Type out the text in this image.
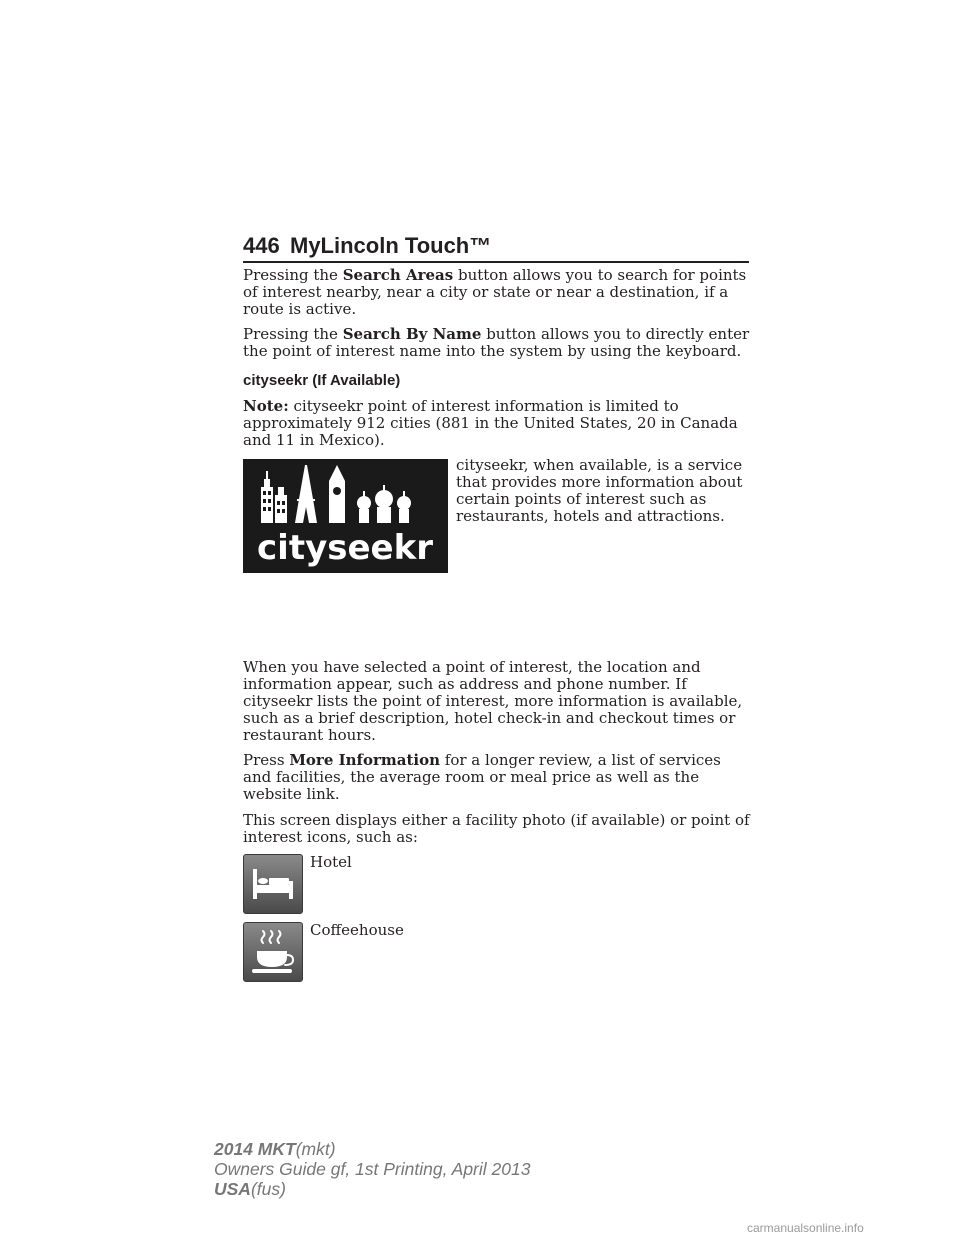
446 MyLincoln Touch™

Pressing the Search Areas button allows you to search for points of interest nearby, near a city or state or near a destination, if a route is active.

Pressing the Search By Name button allows you to directly enter the point of interest name into the system by using the keyboard.

cityseekr (If Available)

Note: cityseekr point of interest information is limited to approximately 912 cities (881 in the United States, 20 in Canada and 11 in Mexico).

cityseekr
cityseekr, when available, is a service that provides more information about certain points of interest such as restaurants, hotels and attractions.

When you have selected a point of interest, the location and information appear, such as address and phone number. If cityseekr lists the point of interest, more information is available, such as a brief description, hotel check-in and checkout times or restaurant hours.

Press More Information for a longer review, a list of services and facilities, the average room or meal price as well as the website link.

This screen displays either a facility photo (if available) or point of interest icons, such as:

Hotel
Coffeehouse
2014 MKT(mkt)
Owners Guide gf, 1st Printing, April 2013
USA(fus)
carmanualsonline.info
